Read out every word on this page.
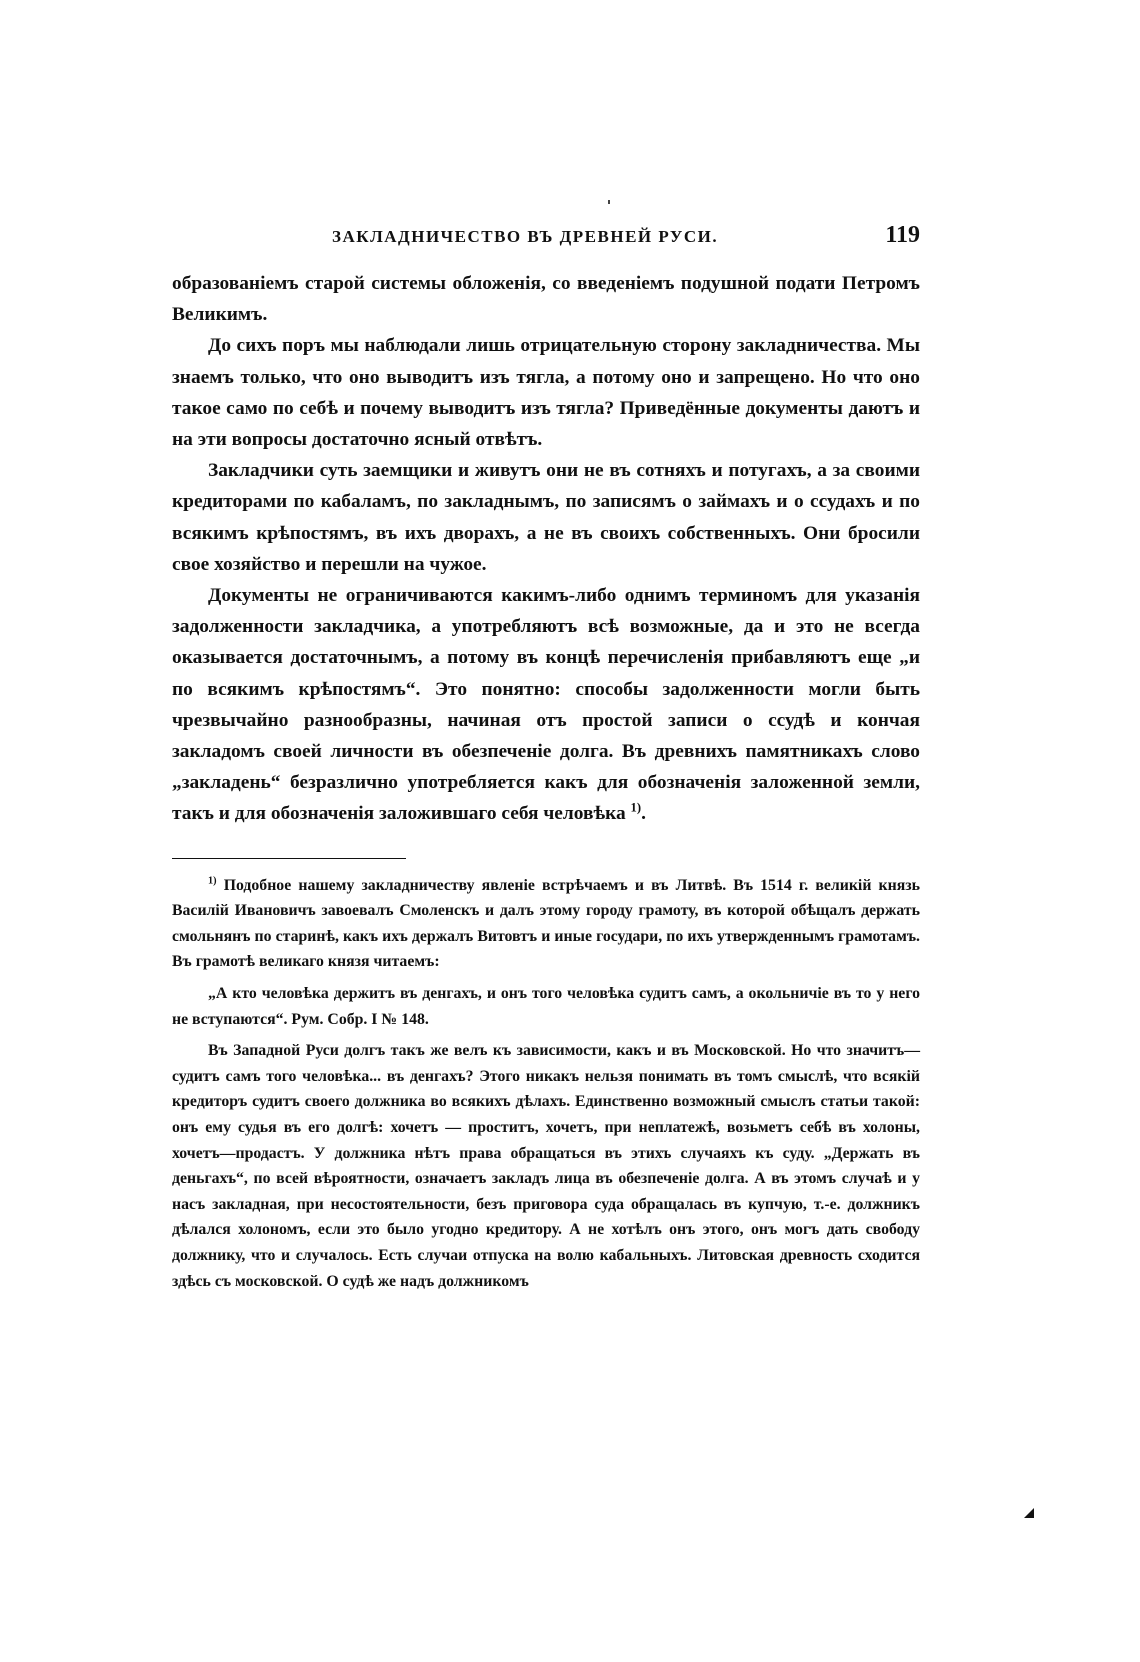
ЗАКЛАДНИЧЕСТВО ВЪ ДРЕВНЕЙ РУСИ.	119

образованіемъ старой системы обложенія, со введеніемъ подушной подати Петромъ Великимъ.

До сихъ поръ мы наблюдали лишь отрицательную сторону закладничества. Мы знаемъ только, что оно выводитъ изъ тягла, а потому оно и запрещено. Но что оно такое само по себѣ и почему выводитъ изъ тягла? Приведённые документы даютъ и на эти вопросы достаточно ясный отвѣтъ.

Закладчики суть заемщики и живутъ они не въ сотняхъ и потугахъ, а за своими кредиторами по кабаламъ, по закладнымъ, по записямъ о займахъ и о ссудахъ и по всякимъ крѣпостямъ, въ ихъ дворахъ, а не въ своихъ собственныхъ. Они бросили свое хозяйство и перешли на чужое.

Документы не ограничиваются какимъ-либо однимъ терминомъ для указанія задолженности закладчика, а употребляютъ всѣ возможные, да и это не всегда оказывается достаточнымъ, а потому въ концѣ перечисленія прибавляютъ еще „и по всякимъ крѣпостямъ“. Это понятно: способы задолженности могли быть чрезвычайно разнообразны, начиная отъ простой записи о ссудѣ и кончая закладомъ своей личности въ обезпеченіе долга. Въ древнихъ памятникахъ слово „закладень“ безразлично употребляется какъ для обозначенія заложенной земли, такъ и для обозначенія заложившаго себя человѣка $^{1)}$.

$^{1)}$ Подобное нашему закладничеству явленіе встрѣчаемъ и въ Литвѣ. Въ 1514 г. великій князь Василій Ивановичъ завоевалъ Смоленскъ и далъ этому городу грамоту, въ которой обѣщалъ держать смольнянъ по старинѣ, какъ ихъ держалъ Витовтъ и иные государи, по ихъ утвержденнымъ грамотамъ. Въ грамотѣ великаго князя читаемъ:

„А кто человѣка держитъ въ денгахъ, и онъ того человѣка судитъ самъ, а окольничіе въ то у него не вступаются“. Рум. Собр. I № 148.

Въ Западной Руси долгъ такъ же велъ къ зависимости, какъ и въ Московской. Но что значитъ—судитъ самъ того человѣка... въ денгахъ? Этого никакъ нельзя понимать въ томъ смыслѣ, что всякій кредиторъ судитъ своего должника во всякихъ дѣлахъ. Единственно возможный смыслъ статьи такой: онъ ему судья въ его долгѣ: хочетъ — проститъ, хочетъ, при неплатежѣ, возьметъ себѣ въ холоны, хочетъ—продастъ. У должника нѣтъ права обращаться въ этихъ случаяхъ къ суду. „Держать въ деньгахъ“, по всей вѣроятности, означаетъ закладъ лица въ обезпеченіе долга. А въ этомъ случаѣ и у насъ закладная, при несостоятельности, безъ приговора суда обращалась въ купчую, т.-е. должникъ дѣлался холономъ, если это было угодно кредитору. А не хотѣлъ онъ этого, онъ могъ дать свободу должнику, что и случалось. Есть случаи отпуска на волю кабальныхъ. Литовская древность сходится здѣсь съ московской. О судѣ же надъ должникомъ
